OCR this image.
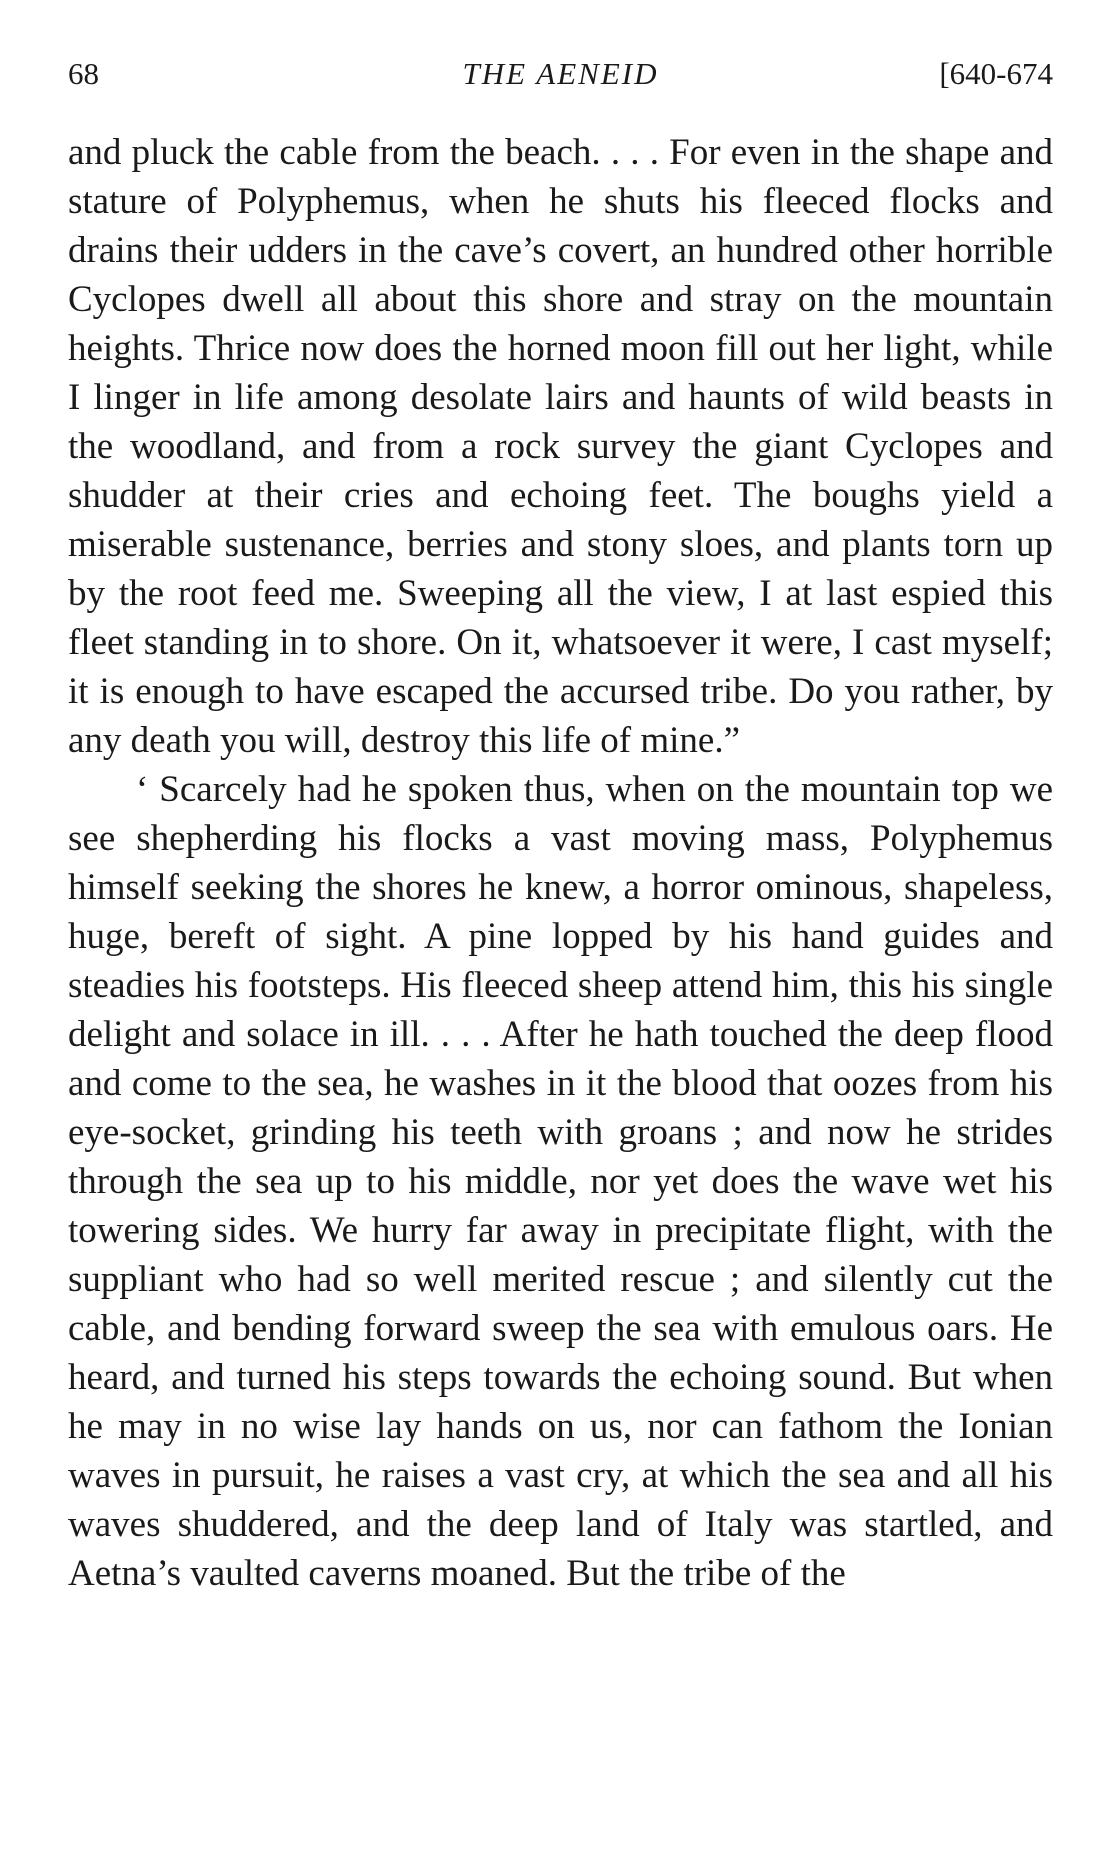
68	THE AENEID	[640-674

and pluck the cable from the beach. . . . For even in the shape and stature of Polyphemus, when he shuts his fleeced flocks and drains their udders in the cave’s covert, an hundred other horrible Cyclopes dwell all about this shore and stray on the mountain heights. Thrice now does the horned moon fill out her light, while I linger in life among desolate lairs and haunts of wild beasts in the woodland, and from a rock survey the giant Cyclopes and shudder at their cries and echoing feet. The boughs yield a miserable sustenance, berries and stony sloes, and plants torn up by the root feed me. Sweeping all the view, I at last espied this fleet standing in to shore. On it, whatsoever it were, I cast myself; it is enough to have escaped the accursed tribe. Do you rather, by any death you will, destroy this life of mine.”

‘ Scarcely had he spoken thus, when on the mountain top we see shepherding his flocks a vast moving mass, Polyphemus himself seeking the shores he knew, a horror ominous, shapeless, huge, bereft of sight. A pine lopped by his hand guides and steadies his footsteps. His fleeced sheep attend him, this his single delight and solace in ill. . . . After he hath touched the deep flood and come to the sea, he washes in it the blood that oozes from his eye-socket, grinding his teeth with groans ; and now he strides through the sea up to his middle, nor yet does the wave wet his towering sides. We hurry far away in precipitate flight, with the suppliant who had so well merited rescue ; and silently cut the cable, and bending forward sweep the sea with emulous oars. He heard, and turned his steps towards the echoing sound. But when he may in no wise lay hands on us, nor can fathom the Ionian waves in pursuit, he raises a vast cry, at which the sea and all his waves shuddered, and the deep land of Italy was startled, and Aetna’s vaulted caverns moaned. But the tribe of the
